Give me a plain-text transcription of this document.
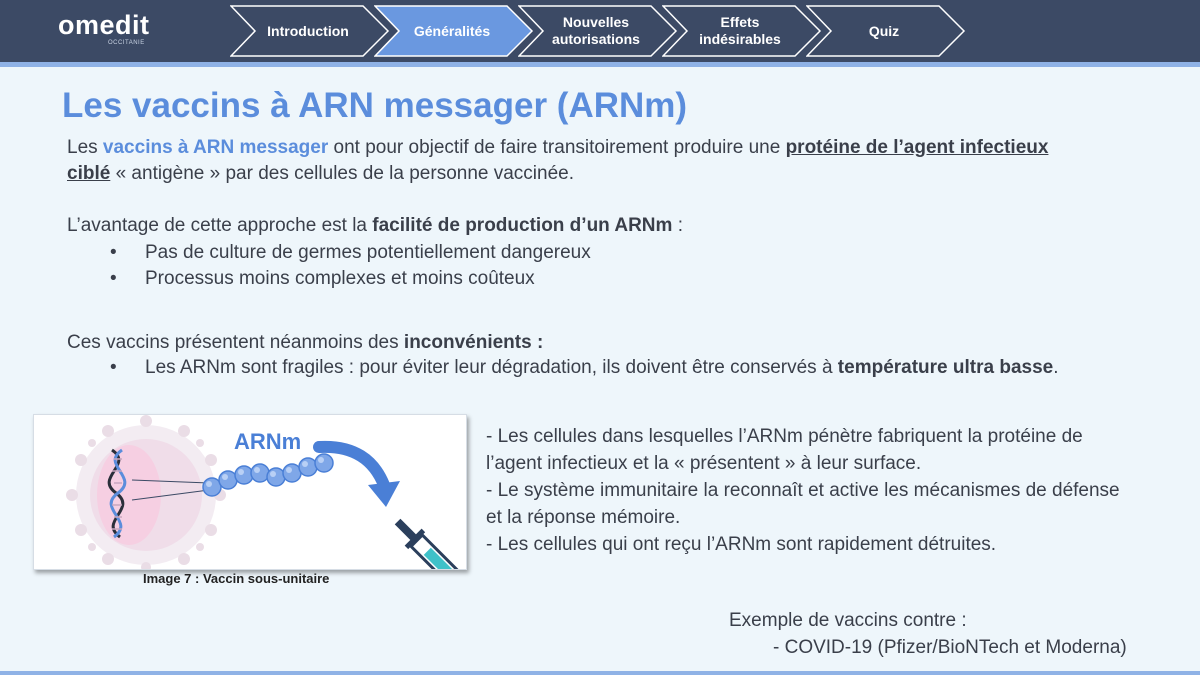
omedit
OCCITANIE
Introduction	Généralités
Nouvelles
autorisations
Effets
indésirables
Quiz
Les vaccins à ARN messager (ARNm)
Les vaccins à ARN messager ont pour objectif de faire transitoirement produire une protéine de l’agent infectieux
ciblé « antigène » par des cellules de la personne vaccinée.
L’avantage de cette approche est la facilité de production d’un ARNm :
• Pas de culture de germes potentiellement dangereux
• Processus moins complexes et moins coûteux
Ces vaccins présentent néanmoins des inconvénients :
• Les ARNm sont fragiles : pour éviter leur dégradation, ils doivent être conservés à température ultra basse.
ARNm
Image 7 : Vaccin sous-unitaire
- Les cellules dans lesquelles l’ARNm pénètre fabriquent la protéine de
l’agent infectieux et la « présentent » à leur surface.
- Le système immunitaire la reconnaît et active les mécanismes de défense
et la réponse mémoire.
- Les cellules qui ont reçu l’ARNm sont rapidement détruites.
Exemple de vaccins contre :
- COVID-19 (Pfizer/BioNTech et Moderna)
